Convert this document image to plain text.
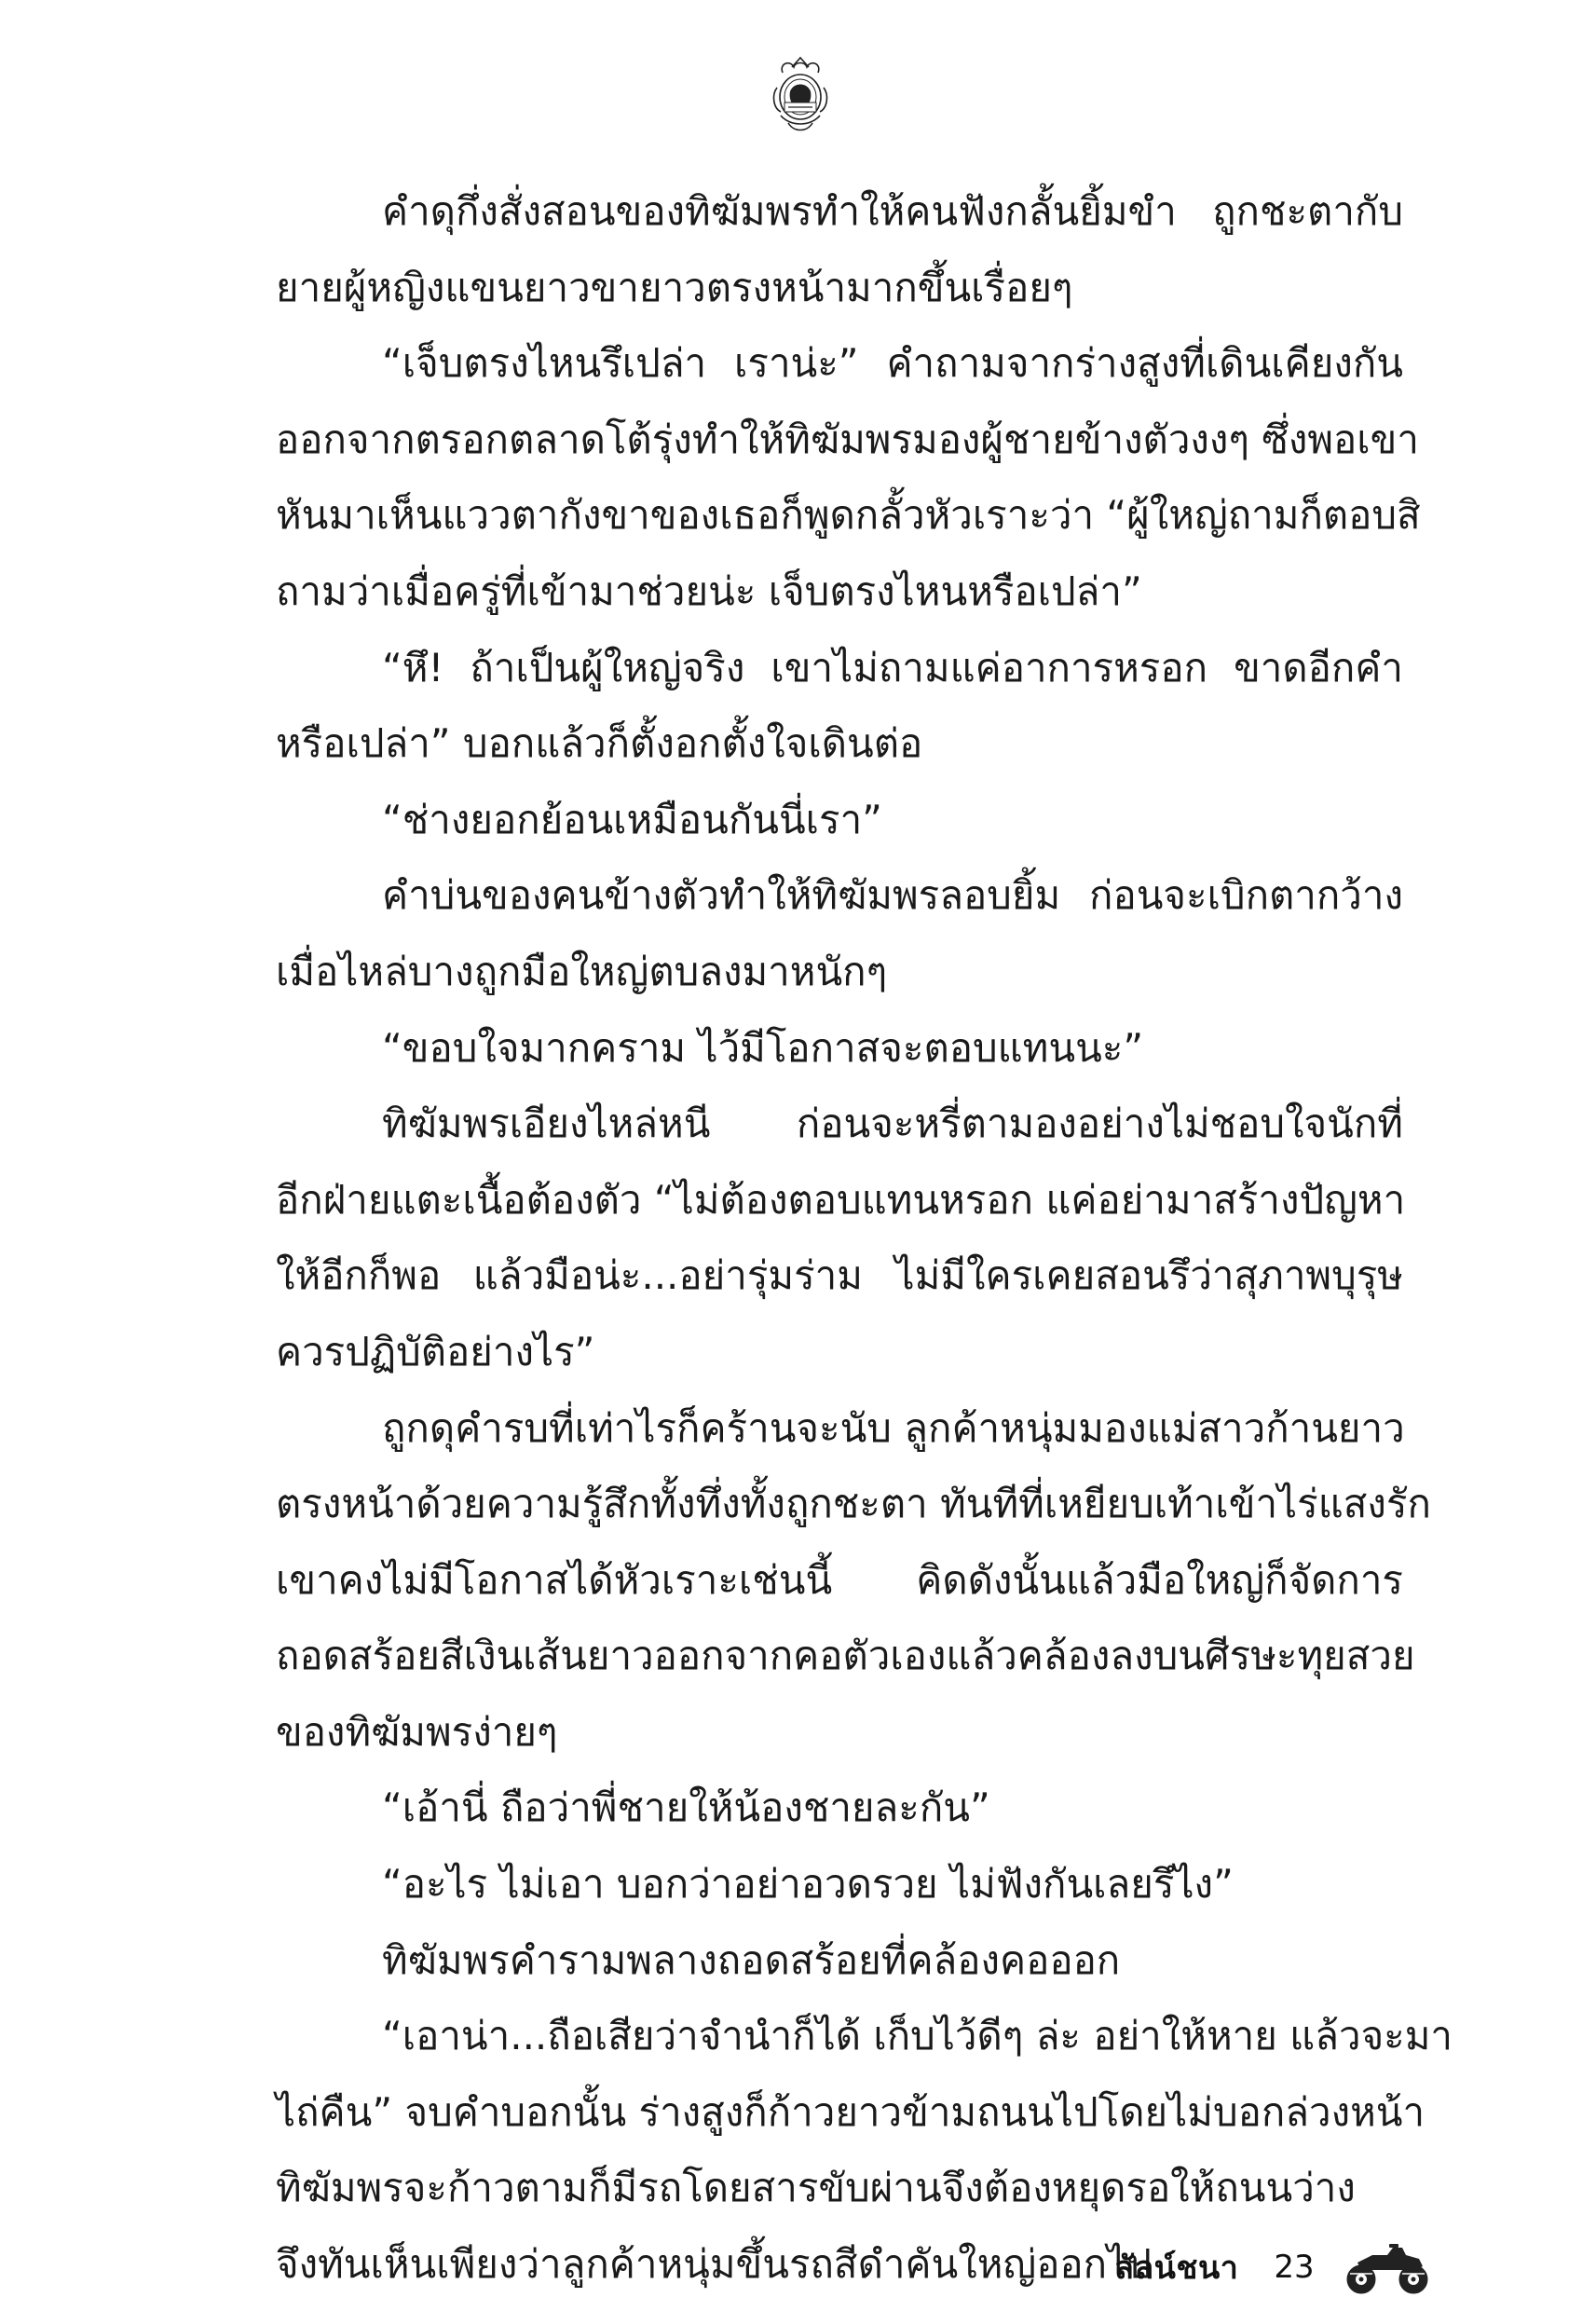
คำดุกึ่งสั่งสอนของทิฆัมพรทำให้คนฟังกลั้นยิ้มขำ ถูกชะตากับ
ยายผู้หญิงแขนยาวขายาวตรงหน้ามากขึ้นเรื่อยๆ
“เจ็บตรงไหนรึเปล่า เราน่ะ” คำถามจากร่างสูงที่เดินเคียงกัน
ออกจากตรอกตลาดโต้รุ่งทำให้ทิฆัมพรมองผู้ชายข้างตัวงงๆ ซึ่งพอเขา
หันมาเห็นแววตากังขาของเธอก็พูดกลั้วหัวเราะว่า “ผู้ใหญ่ถามก็ตอบสิ
ถามว่าเมื่อครู่ที่เข้ามาช่วยน่ะ เจ็บตรงไหนหรือเปล่า”
“หึ! ถ้าเป็นผู้ใหญ่จริง เขาไม่ถามแค่อาการหรอก ขาดอีกคำ
หรือเปล่า” บอกแล้วก็ตั้งอกตั้งใจเดินต่อ
“ช่างยอกย้อนเหมือนกันนี่เรา”
คำบ่นของคนข้างตัวทำให้ทิฆัมพรลอบยิ้ม ก่อนจะเบิกตากว้าง
เมื่อไหล่บางถูกมือใหญ่ตบลงมาหนักๆ
“ขอบใจมากคราม ไว้มีโอกาสจะตอบแทนนะ”
ทิฆัมพรเอียงไหล่หนี ก่อนจะหรี่ตามองอย่างไม่ชอบใจนักที่
อีกฝ่ายแตะเนื้อต้องตัว “ไม่ต้องตอบแทนหรอก แค่อย่ามาสร้างปัญหา
ให้อีกก็พอ แล้วมือน่ะ...อย่ารุ่มร่าม ไม่มีใครเคยสอนรึว่าสุภาพบุรุษ
ควรปฏิบัติอย่างไร”
ถูกดุคำรบที่เท่าไรก็คร้านจะนับ ลูกค้าหนุ่มมองแม่สาวก้านยาว
ตรงหน้าด้วยความรู้สึกทั้งทึ่งทั้งถูกชะตา ทันทีที่เหยียบเท้าเข้าไร่แสงรัก
เขาคงไม่มีโอกาสได้หัวเราะเช่นนี้ คิดดังนั้นแล้วมือใหญ่ก็จัดการ
ถอดสร้อยสีเงินเส้นยาวออกจากคอตัวเองแล้วคล้องลงบนศีรษะทุยสวย
ของทิฆัมพรง่ายๆ
“เอ้านี่ ถือว่าพี่ชายให้น้องชายละกัน”
“อะไร ไม่เอา บอกว่าอย่าอวดรวย ไม่ฟังกันเลยรึไง”
ทิฆัมพรคำรามพลางถอดสร้อยที่คล้องคอออก
“เอาน่า...ถือเสียว่าจำนำก็ได้ เก็บไว้ดีๆ ล่ะ อย่าให้หาย แล้วจะมา
ไถ่คืน” จบคำบอกนั้น ร่างสูงก็ก้าวยาวข้ามถนนไปโดยไม่บอกล่วงหน้า
ทิฆัมพรจะก้าวตามก็มีรถโดยสารขับผ่านจึงต้องหยุดรอให้ถนนว่าง
จึงทันเห็นเพียงว่าลูกค้าหนุ่มขึ้นรถสีดำคันใหญ่ออกไป
ลัลน์ชนา 23
